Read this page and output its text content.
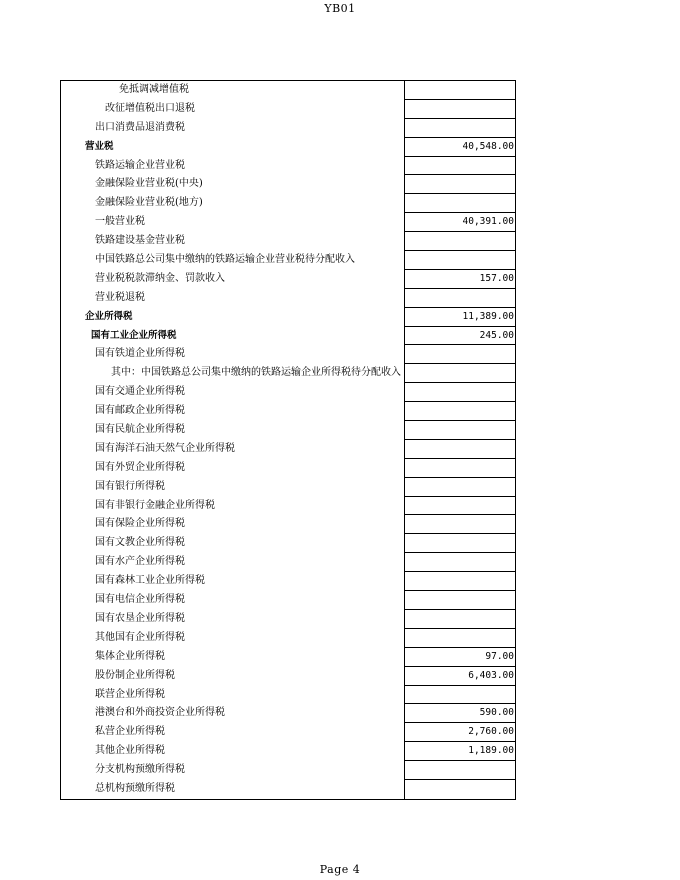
YB01
免抵调减增值税
改征增值税出口退税
出口消费品退消费税
营业税	40,548.00
铁路运输企业营业税
金融保险业营业税(中央)
金融保险业营业税(地方)
一般营业税	40,391.00
铁路建设基金营业税
中国铁路总公司集中缴纳的铁路运输企业营业税待分配收入
营业税税款滞纳金、罚款收入	157.00
营业税退税
企业所得税	11,389.00
国有工业企业所得税	245.00
国有铁道企业所得税
其中：中国铁路总公司集中缴纳的铁路运输企业所得税待分配收入
国有交通企业所得税
国有邮政企业所得税
国有民航企业所得税
国有海洋石油天然气企业所得税
国有外贸企业所得税
国有银行所得税
国有非银行金融企业所得税
国有保险企业所得税
国有文教企业所得税
国有水产企业所得税
国有森林工业企业所得税
国有电信企业所得税
国有农垦企业所得税
其他国有企业所得税
集体企业所得税	97.00
股份制企业所得税	6,403.00
联营企业所得税
港澳台和外商投资企业所得税	590.00
私营企业所得税	2,760.00
其他企业所得税	1,189.00
分支机构预缴所得税
总机构预缴所得税
Page 4
